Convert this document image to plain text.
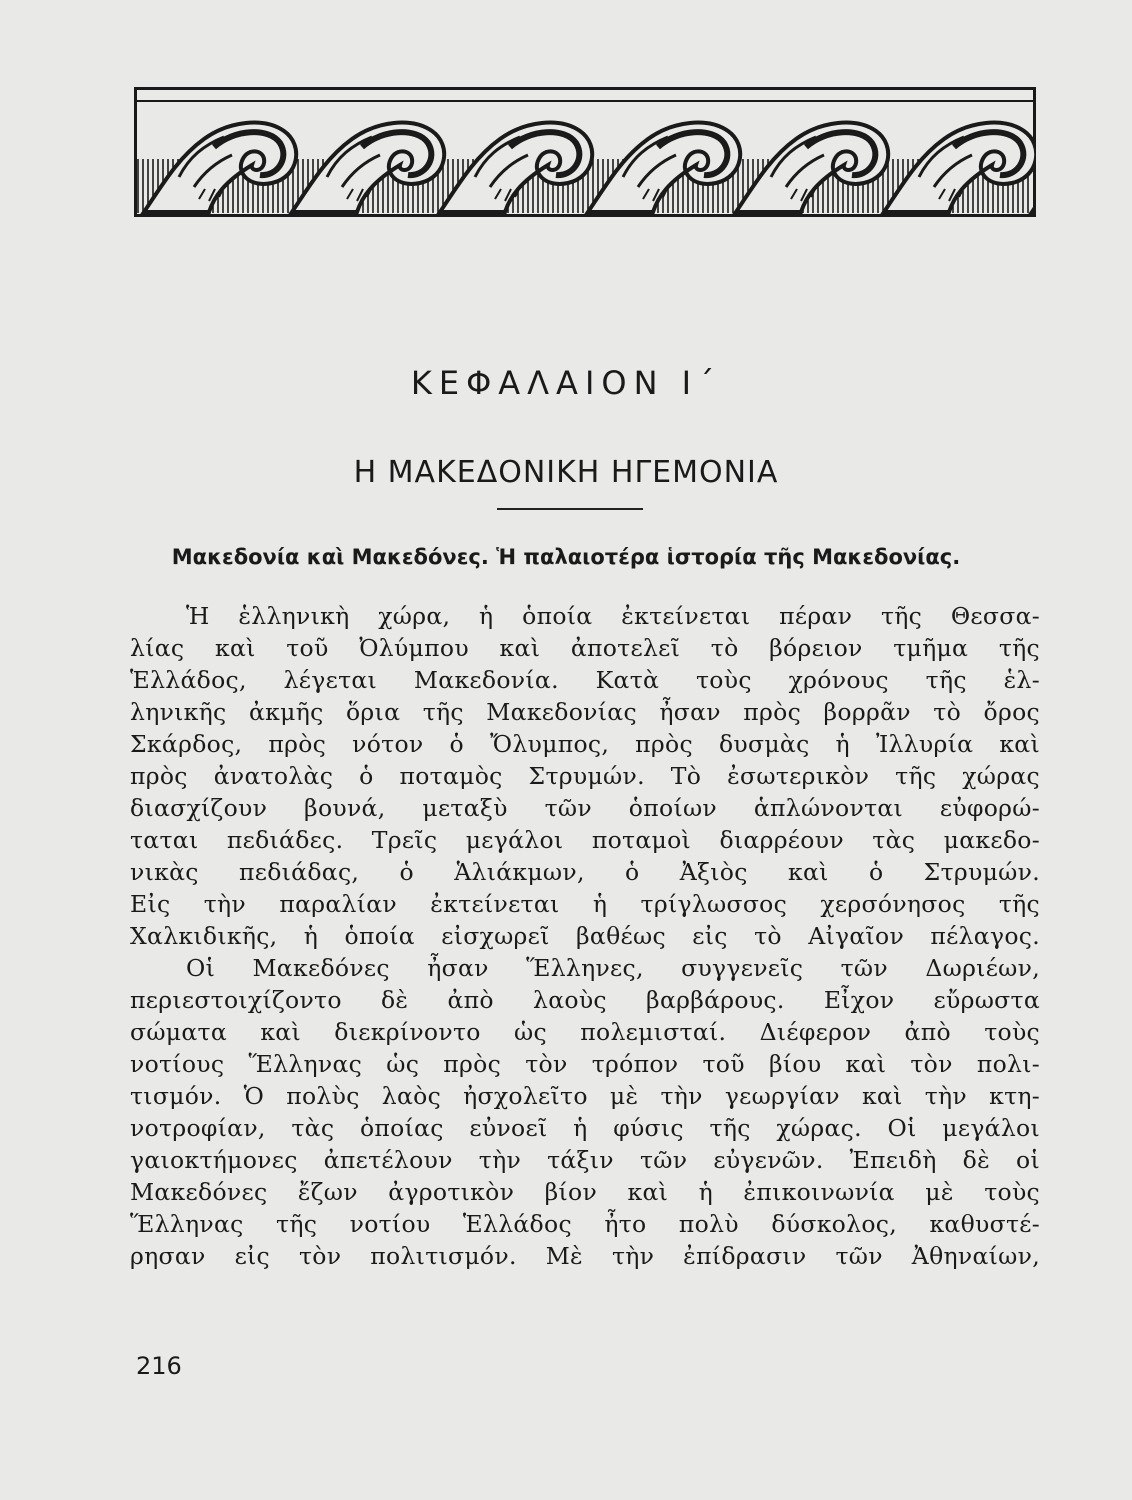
ΚΕΦΑΛΑΙΟΝ Ι΄
Η ΜΑΚΕΔΟΝΙΚΗ ΗΓΕΜΟΝΙΑ
Μακεδονία καὶ Μακεδόνες. Ἡ παλαιοτέρα ἱστορία τῆς Μακεδονίας.
Ἡ ἑλληνικὴ χώρα, ἡ ὁποία ἐκτείνεται πέραν τῆς Θεσσα-
λίας καὶ τοῦ Ὀλύμπου καὶ ἀποτελεῖ τὸ βόρειον τμῆμα τῆς
Ἑλλάδος, λέγεται Μακεδονία. Κατὰ τοὺς χρόνους τῆς ἑλ-
ληνικῆς ἀκμῆς ὅρια τῆς Μακεδονίας ἦσαν πρὸς βορρᾶν τὸ ὄρος
Σκάρδος, πρὸς νότον ὁ Ὄλυμπος, πρὸς δυσμὰς ἡ Ἰλλυρία καὶ
πρὸς ἀνατολὰς ὁ ποταμὸς Στρυμών. Τὸ ἐσωτερικὸν τῆς χώρας
διασχίζουν βουνά, μεταξὺ τῶν ὁποίων ἁπλώνονται εὐφορώ-
ταται πεδιάδες. Τρεῖς μεγάλοι ποταμοὶ διαρρέουν τὰς μακεδο-
νικὰς πεδιάδας, ὁ Ἁλιάκμων, ὁ Ἀξιὸς καὶ ὁ Στρυμών.
Εἰς τὴν παραλίαν ἐκτείνεται ἡ τρίγλωσσος χερσόνησος τῆς
Χαλκιδικῆς, ἡ ὁποία εἰσχωρεῖ βαθέως εἰς τὸ Αἰγαῖον πέλαγος.
Οἱ Μακεδόνες ἦσαν Ἕλληνες, συγγενεῖς τῶν Δωριέων,
περιεστοιχίζοντο δὲ ἀπὸ λαοὺς βαρβάρους. Εἶχον εὔρωστα
σώματα καὶ διεκρίνοντο ὡς πολεμισταί. Διέφερον ἀπὸ τοὺς
νοτίους Ἕλληνας ὡς πρὸς τὸν τρόπον τοῦ βίου καὶ τὸν πολι-
τισμόν. Ὁ πολὺς λαὸς ἠσχολεῖτο μὲ τὴν γεωργίαν καὶ τὴν κτη-
νοτροφίαν, τὰς ὁποίας εὐνοεῖ ἡ φύσις τῆς χώρας. Οἱ μεγάλοι
γαιοκτήμονες ἀπετέλουν τὴν τάξιν τῶν εὐγενῶν. Ἐπειδὴ δὲ οἱ
Μακεδόνες ἔζων ἀγροτικὸν βίον καὶ ἡ ἐπικοινωνία μὲ τοὺς
Ἕλληνας τῆς νοτίου Ἑλλάδος ἦτο πολὺ δύσκολος, καθυστέ-
ρησαν εἰς τὸν πολιτισμόν. Μὲ τὴν ἐπίδρασιν τῶν Ἀθηναίων,
216
